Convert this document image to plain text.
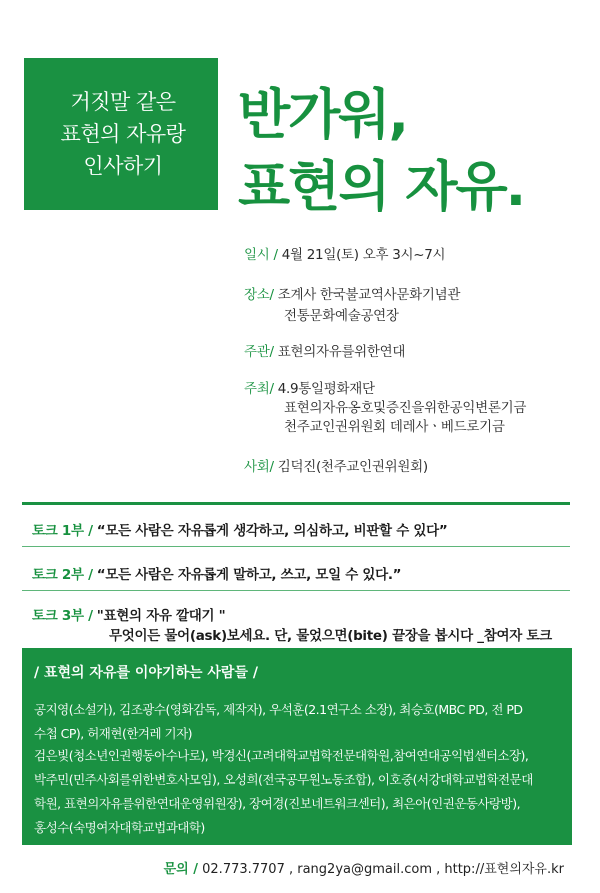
거짓말 같은
표현의 자유랑
인사하기
반가워,
표현의 자유.
일시 / 4월 21일(토) 오후 3시~7시
장소/ 조계사 한국불교역사문화기념관
전통문화예술공연장
주관/ 표현의자유를위한연대
주최/ 4.9통일평화재단
표현의자유옹호및증진을위한공익변론기금
천주교인권위원회 데레사ㆍ베드로기금
사회/ 김덕진(천주교인권위원회)
토크 1부 / “모든 사람은 자유롭게 생각하고, 의심하고, 비판할 수 있다”
토크 2부 / “모든 사람은 자유롭게 말하고, 쓰고, 모일 수 있다.”
토크 3부 / "표현의 자유 깔대기 "
무엇이든 물어(ask)보세요. 단, 물었으면(bite) 끝장을 봅시다 _참여자 토크
/ 표현의 자유를 이야기하는 사람들 /
공지영(소설가), 김조광수(영화감독, 제작자), 우석훈(2.1연구소 소장), 최승호(MBC PD, 전 PD
수첩 CP), 허재현(한겨레 기자)
검은빛(청소년인권행동아수나로), 박경신(고려대학교법학전문대학원,참여연대공익법센터소장),
박주민(민주사회를위한변호사모임), 오성희(전국공무원노동조합), 이호중(서강대학교법학전문대
학원, 표현의자유를위한연대운영위원장), 장여경(진보네트워크센터), 최은아(인권운동사랑방),
홍성수(숙명여자대학교법과대학)
문의 / 02.773.7707 , rang2ya@gmail.com , http://표현의자유.kr
